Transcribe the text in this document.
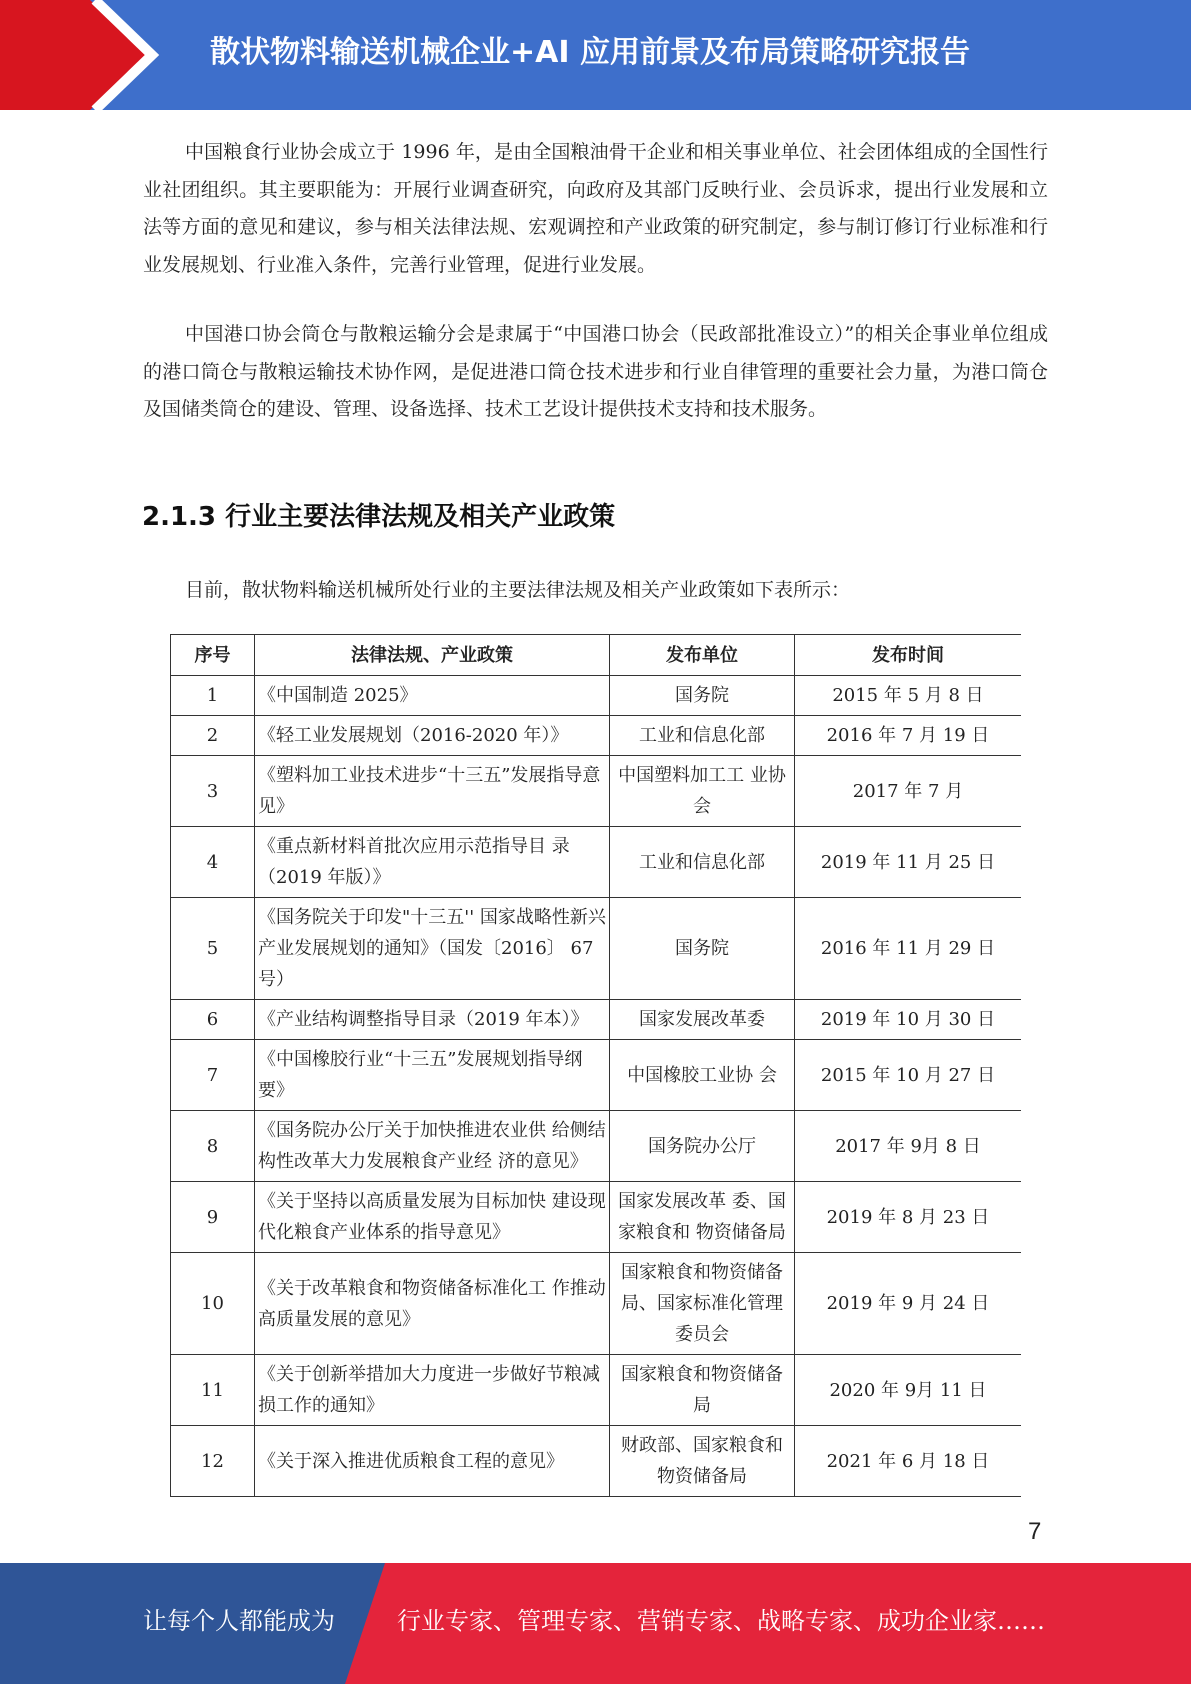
散状物料输送机械企业+AI 应用前景及布局策略研究报告

中国粮食行业协会成立于 1996 年，是由全国粮油骨干企业和相关事业单位、社会团体组成的全国性行业社团组织。其主要职能为：开展行业调查研究，向政府及其部门反映行业、会员诉求，提出行业发展和立法等方面的意见和建议，参与相关法律法规、宏观调控和产业政策的研究制定，参与制订修订行业标准和行业发展规划、行业准入条件，完善行业管理，促进行业发展。

中国港口协会筒仓与散粮运输分会是隶属于“中国港口协会（民政部批准设立）”的相关企事业单位组成的港口筒仓与散粮运输技术协作网，是促进港口筒仓技术进步和行业自律管理的重要社会力量，为港口筒仓及国储类筒仓的建设、管理、设备选择、技术工艺设计提供技术支持和技术服务。

2.1.3 行业主要法律法规及相关产业政策

目前，散状物料输送机械所处行业的主要法律法规及相关产业政策如下表所示：

序号	法律法规、产业政策	发布单位	发布时间
1	《中国制造 2025》	国务院	2015 年 5 月 8 日
2	《轻工业发展规划（2016-2020 年）》	工业和信息化部	2016 年 7 月 19 日
3	《塑料加工业技术进步“十三五”发展指导意见》	中国塑料加工工 业协会	2017 年 7 月
4	《重点新材料首批次应用示范指导目 录（2019 年版）》	工业和信息化部	2019 年 11 月 25 日
5	《国务院关于印发"十三五'' 国家战略性新兴产业发展规划的通知》（国发〔2016〕 67 号）	国务院	2016 年 11 月 29 日
6	《产业结构调整指导目录（2019 年本）》	国家发展改革委	2019 年 10 月 30 日
7	《中国橡胶行业“十三五”发展规划指导纲要》	中国橡胶工业协 会	2015 年 10 月 27 日
8	《国务院办公厅关于加快推进农业供 给侧结构性改革大力发展粮食产业经 济的意见》	国务院办公厅	2017 年 9月 8 日
9	《关于坚持以高质量发展为目标加快 建设现代化粮食产业体系的指导意见》	国家发展改革 委、国家粮食和 物资储备局	2019 年 8 月 23 日
10	《关于改革粮食和物资储备标准化工 作推动高质量发展的意见》	国家粮食和物资储备局、国家标准化管理委员会	2019 年 9 月 24 日
11	《关于创新举措加大力度进一步做好节粮减损工作的通知》	国家粮食和物资储备局	2020 年 9月 11 日
12	《关于深入推进优质粮食工程的意见》	财政部、国家粮食和物资储备局	2021 年 6 月 18 日
7
让每个人都能成为	行业专家、管理专家、营销专家、战略专家、成功企业家……
